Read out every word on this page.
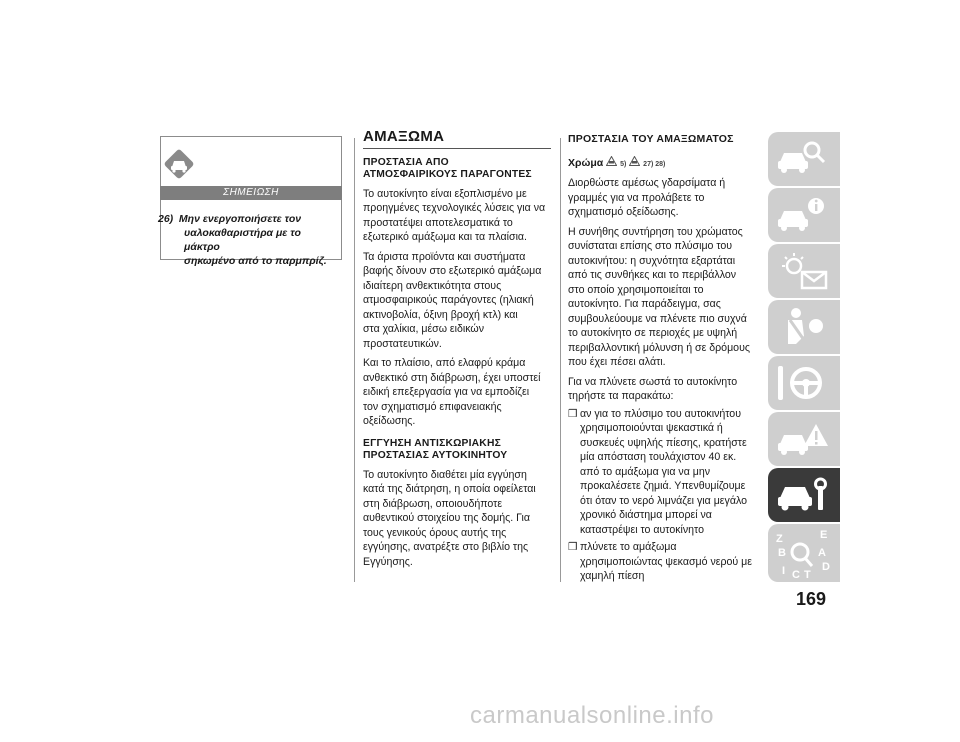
ΣΗΜΕΙΩΣΗ
26) Μην ενεργοποιήσετε τον
υαλοκαθαριστήρα με το μάκτρο
σηκωμένο από το παρμπρίζ.
ΑΜΑΞΩΜΑ
ΠΡΟΣΤΑΣΙΑ ΑΠΟ
ΑΤΜΟΣΦΑΙΡΙΚΟΥΣ ΠΑΡΑΓΟΝΤΕΣ

Το αυτοκίνητο είναι εξοπλισμένο με
προηγμένες τεχνολογικές λύσεις για να
προστατέψει αποτελεσματικά το
εξωτερικό αμάξωμα και τα πλαίσια.

Τα άριστα προϊόντα και συστήματα
βαφής δίνουν στο εξωτερικό αμάξωμα
ιδιαίτερη ανθεκτικότητα στους
ατμοσφαιρικούς παράγοντες (ηλιακή
ακτινοβολία, όξινη βροχή κτλ) και
στα χαλίκια, μέσω ειδικών
προστατευτικών.

Και το πλαίσιο, από ελαφρύ κράμα
ανθεκτικό στη διάβρωση, έχει υποστεί
ειδική επεξεργασία για να εμποδίζει
τον σχηματισμό επιφανειακής
οξείδωσης.

ΕΓΓΥΗΣΗ ΑΝΤΙΣΚΩΡΙΑΚΗΣ
ΠΡΟΣΤΑΣΙΑΣ ΑΥΤΟΚΙΝΗΤΟΥ

Το αυτοκίνητο διαθέτει μία εγγύηση
κατά της διάτρηση, η οποία οφείλεται
στη διάβρωση, οποιουδήποτε
αυθεντικού στοιχείου της δομής. Για
τους γενικούς όρους αυτής της
εγγύησης, ανατρέξτε στο βιβλίο της
Εγγύησης.

ΠΡΟΣΤΑΣΙΑ ΤΟΥ ΑΜΑΞΩΜΑΤΟΣ
Χρώμα 5) 27) 28)

Διορθώστε αμέσως γδαρσίματα ή
γραμμές για να προλάβετε το
σχηματισμό οξείδωσης.

Η συνήθης συντήρηση του χρώματος
συνίσταται επίσης στο πλύσιμο του
αυτοκινήτου: η συχνότητα εξαρτάται
από τις συνθήκες και το περιβάλλον
στο οποίο χρησιμοποιείται το
αυτοκίνητο. Για παράδειγμα, σας
συμβουλεύουμε να πλένετε πιο συχνά
το αυτοκίνητο σε περιοχές με υψηλή
περιβαλλοντική μόλυνση ή σε δρόμους
που έχει πέσει αλάτι.

Για να πλύνετε σωστά το αυτοκίνητο
τηρήστε τα παρακάτω:

❒ αν για το πλύσιμο του αυτοκινήτου
χρησιμοποιούνται ψεκαστικά ή
συσκευές υψηλής πίεσης, κρατήστε
μία απόσταση τουλάχιστον 40 εκ.
από το αμάξωμα για να μην
προκαλέσετε ζημιά. Υπενθυμίζουμε
ότι όταν το νερό λιμνάζει για μεγάλο
χρονικό διάστημα μπορεί να
καταστρέψει το αυτοκίνητο
❒ πλύνετε το αμάξωμα
χρησιμοποιώντας ψεκασμό νερού με
χαμηλή πίεση
Z	E
B	A
I C T
D
169
carmanualsonline.info
